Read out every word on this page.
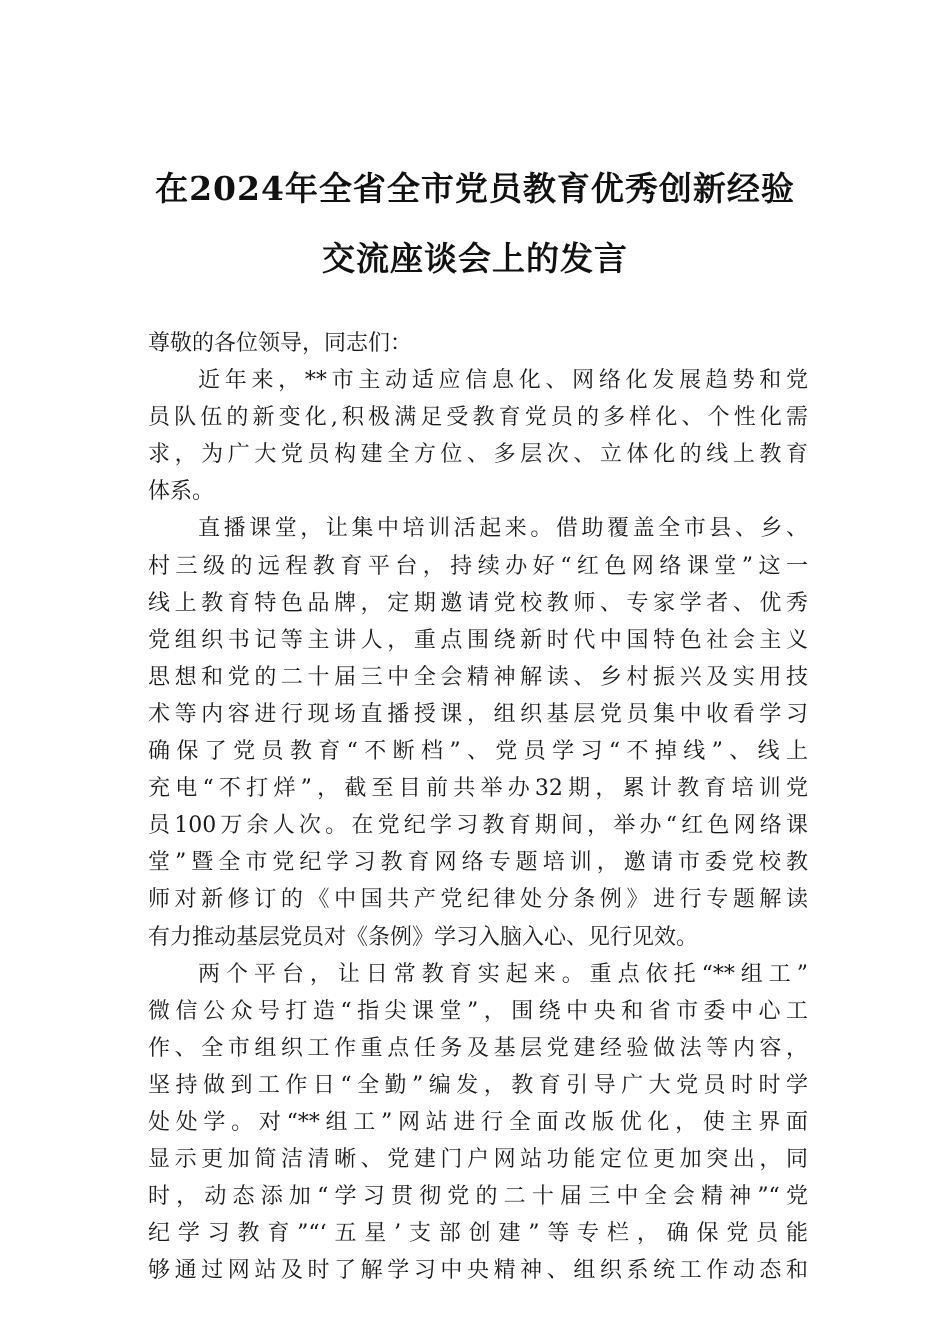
在2024年全省全市党员教育优秀创新经验
交流座谈会上的发言
尊敬的各位领导，同志们：
近年来，**市主动适应信息化、网络化发展趋势和党
员队伍的新变化,积极满足受教育党员的多样化、个性化需
求，为广大党员构建全方位、多层次、立体化的线上教育
体系。
直播课堂，让集中培训活起来。借助覆盖全市县、乡、
村三级的远程教育平台，持续办好“红色网络课堂”这一
线上教育特色品牌，定期邀请党校教师、专家学者、优秀
党组织书记等主讲人，重点围绕新时代中国特色社会主义
思想和党的二十届三中全会精神解读、乡村振兴及实用技
术等内容进行现场直播授课，组织基层党员集中收看学习
确保了党员教育“不断档”、党员学习“不掉线”、线上
充电“不打烊”，截至目前共举办32期，累计教育培训党
员100万余人次。在党纪学习教育期间，举办“红色网络课
堂”暨全市党纪学习教育网络专题培训，邀请市委党校教
师对新修订的《中国共产党纪律处分条例》进行专题解读
有力推动基层党员对《条例》学习入脑入心、见行见效。
两个平台，让日常教育实起来。重点依托“**组工”
微信公众号打造“指尖课堂”，围绕中央和省市委中心工
作、全市组织工作重点任务及基层党建经验做法等内容，
坚持做到工作日“全勤”编发，教育引导广大党员时时学
处处学。对“**组工”网站进行全面改版优化，使主界面
显示更加简洁清晰、党建门户网站功能定位更加突出，同
时，动态添加“学习贯彻党的二十届三中全会精神”“党
纪学习教育”“‘五星’支部创建”等专栏，确保党员能
够通过网站及时了解学习中央精神、组织系统工作动态和
